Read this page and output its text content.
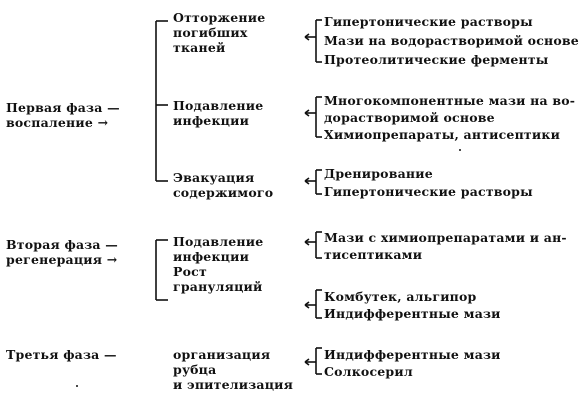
Первая фаза —
воспаление →
Вторая фаза —
регенерация →
Третья фаза —
Отторжение
погибших
тканей
Подавление
инфекции
Эвакуация
содержимого
Гипертонические растворы
Мази на водорастворимой основе
Протеолитические ферменты
Многокомпонентные мази на во-
дорастворимой основе
Химиопрепараты, антисептики
Дренирование
Гипертонические растворы
Подавление
инфекции
Рост
грануляций
Мази с химиопрепаратами и ан-
тисептиками
Комбутек, альгипор
Индифферентные мази
организация
рубца
и эпителизация
Индифферентные мази
Солкосерил
